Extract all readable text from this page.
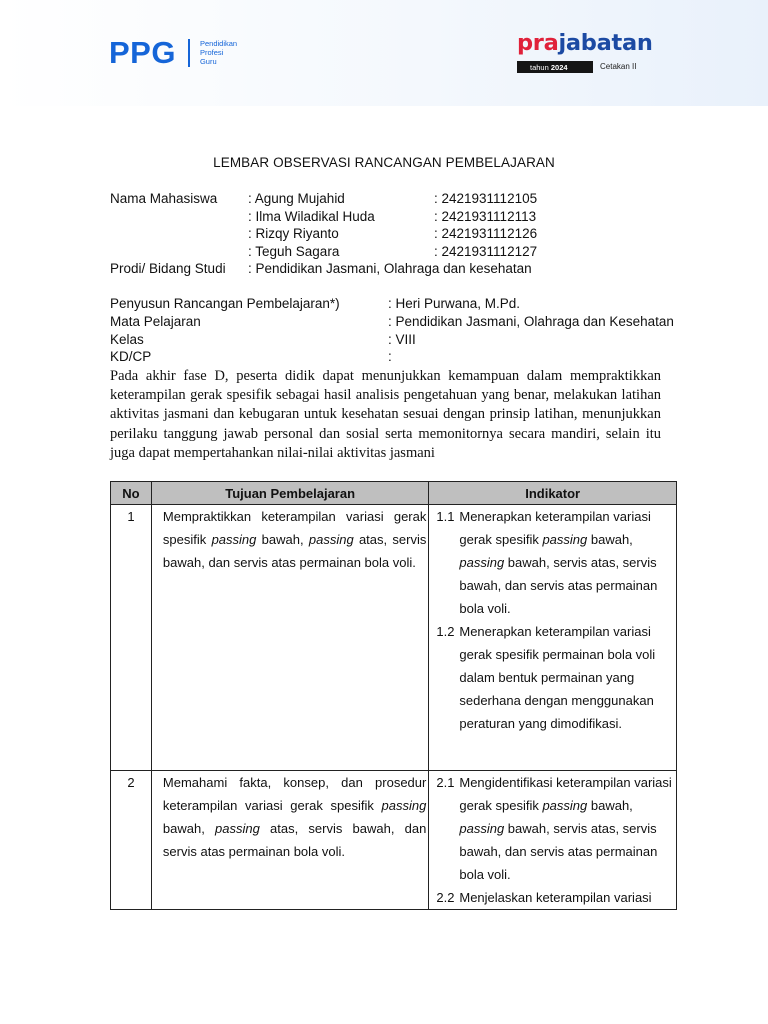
PPG	Pendidikan
Profesi
Guru
prajabatan
tahun 2024	Cetakan II
LEMBAR OBSERVASI RANCANGAN PEMBELAJARAN
Nama Mahasiswa : Agung Mujahid	: 2421931112105
: Ilma Wiladikal Huda	: 2421931112113
: Rizqy Riyanto	: 2421931112126
: Teguh Sagara	: 2421931112127
Prodi/ Bidang Studi : Pendidikan Jasmani, Olahraga dan kesehatan
Penyusun Rancangan Pembelajaran*)	: Heri Purwana, M.Pd.
Mata Pelajaran	: Pendidikan Jasmani, Olahraga dan Kesehatan
Kelas	: VIII
KD/CP	:
Pada akhir fase D, peserta didik dapat menunjukkan kemampuan dalam mempraktikkan keterampilan gerak spesifik sebagai hasil analisis pengetahuan yang benar, melakukan latihan aktivitas jasmani dan kebugaran untuk kesehatan sesuai dengan prinsip latihan, menunjukkan perilaku tanggung jawab personal dan sosial serta memonitornya secara mandiri, selain itu juga dapat mempertahankan nilai-nilai aktivitas jasmani
No	Tujuan Pembelajaran	Indikator
1	Mempraktikkan keterampilan variasi gerak spesifik passing bawah, passing atas, servis bawah, dan servis atas permainan bola voli.	1.1 Menerapkan keterampilan variasi gerak spesifik passing bawah, passing bawah, servis atas, servis bawah, dan servis atas permainan bola voli.
1.2 Menerapkan keterampilan variasi gerak spesifik permainan bola voli dalam bentuk permainan yang sederhana dengan menggunakan peraturan yang dimodifikasi.

2	Memahami fakta, konsep, dan prosedur keterampilan variasi gerak spesifik passing bawah, passing atas, servis bawah, dan servis atas permainan bola voli.	2.1 Mengidentifikasi keterampilan variasi gerak spesifik passing bawah, passing bawah, servis atas, servis bawah, dan servis atas permainan bola voli.
2.2 Menjelaskan keterampilan variasi
